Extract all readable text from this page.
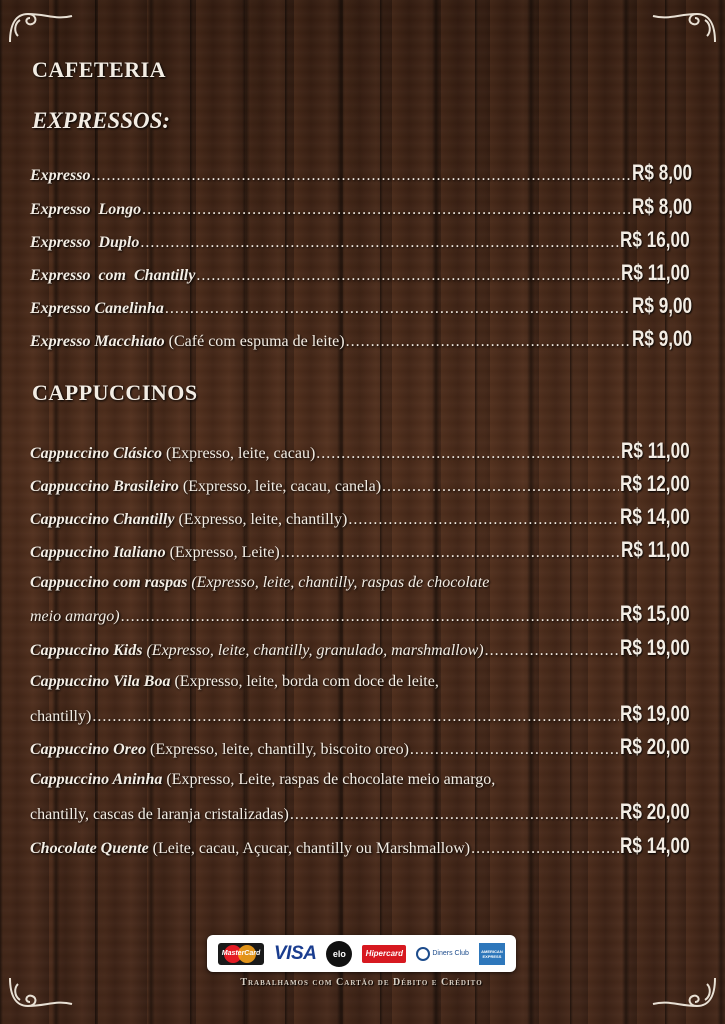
CAFETERIA
EXPRESSOS:
Expresso .....	R$ 8,00
Expresso  Longo .....	R$ 8,00
Expresso  Duplo .....	R$ 16,00
Expresso  com  Chantilly .....	R$ 11,00
Expresso Canelinha .....	R$ 9,00
Expresso Macchiato (Café com espuma de leite) .....	R$ 9,00
CAPPUCCINOS
Cappuccino Clásico (Expresso, leite, cacau) .....	R$ 11,00
Cappuccino Brasileiro (Expresso, leite, cacau, canela) .....	R$ 12,00
Cappuccino Chantilly (Expresso, leite, chantilly) .....	R$ 14,00
Cappuccino Italiano (Expresso, Leite) .....	R$ 11,00
Cappuccino com raspas (Expresso, leite, chantilly, raspas de chocolate
meio amargo) .....	R$ 15,00
Cappuccino Kids (Expresso, leite, chantilly, granulado, marshmallow) .....	R$ 19,00
Cappuccino Vila Boa (Expresso, leite, borda com doce de leite,
chantilly) .....	R$ 19,00
Cappuccino Oreo (Expresso, leite, chantilly, biscoito oreo) .....	R$ 20,00
Cappuccino Aninha (Expresso, Leite, raspas de chocolate meio amargo,
chantilly, cascas de laranja cristalizadas) .....	R$ 20,00
Chocolate Quente (Leite, cacau, Açucar, chantilly ou Marshmallow) .....	R$ 14,00
MasterCard VISA	elo	Hipercard	Diners Club	AMERICAN EXPRESS
Trabalhamos com Cartão de Débito e Crédito
